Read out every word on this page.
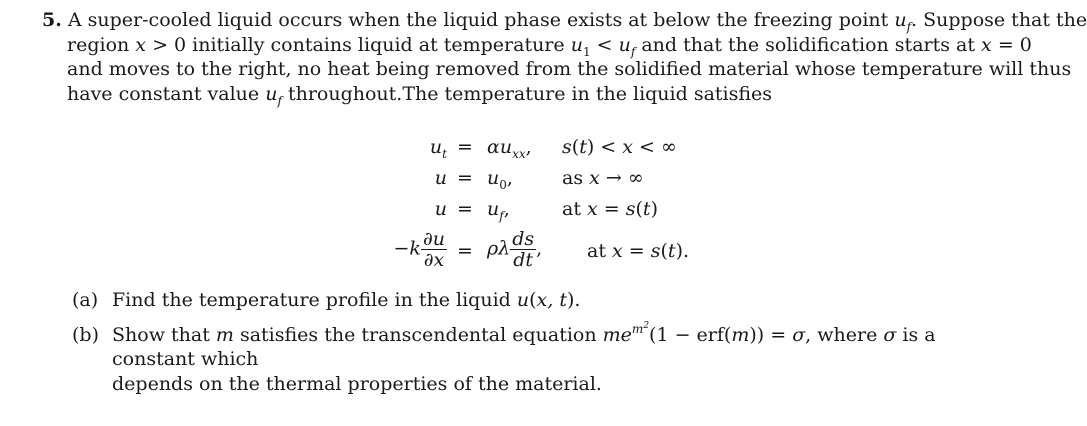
5. A super-cooled liquid occurs when the liquid phase exists at below the freezing point $u_f$. Suppose that the
region x > 0 initially contains liquid at temperature $u_1 < u_f$ and that the solidification starts at x = 0
and moves to the right, no heat being removed from the solidified material whose temperature will thus
have constant value $u_f$ throughout.The temperature in the liquid satisfies
$u_t = \alpha u_{xx}$, s(t) < x < ∞
$u = u_0$,	as x → ∞
$u = u_f$,	at x = s(t)
$-k \frac{\partial u}{\partial x} = \rho\lambda \frac{ds}{dt}$ , at x = s(t).
(a) Find the temperature profile in the liquid u(x, t).
(b) Show that m satisfies the transcendental equation $me^{m^2}(1 - erf(m)) = \sigma$, where σ is a constant which
depends on the thermal properties of the material.
